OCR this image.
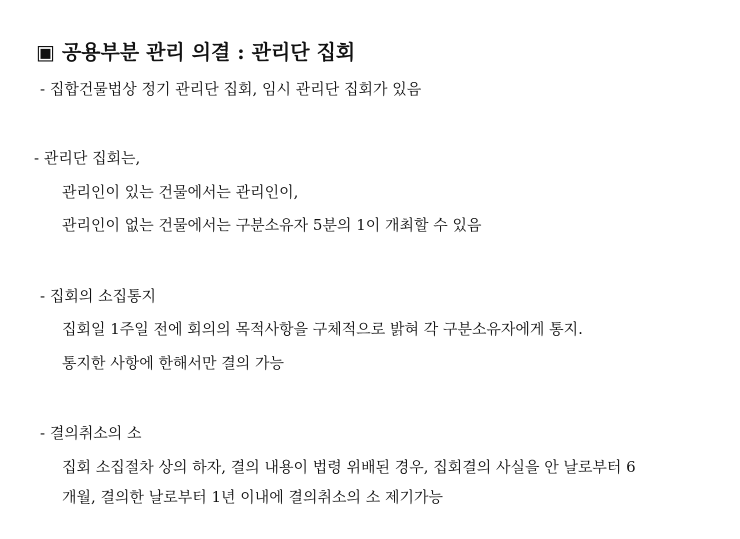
▣ 공용부분 관리 의결 : 관리단 집회
- 집합건물법상 정기 관리단 집회, 임시 관리단 집회가 있음
- 관리단 집회는,
관리인이 있는 건물에서는 관리인이,
관리인이 없는 건물에서는 구분소유자 5분의 1이 개최할 수 있음
- 집회의 소집통지
집회일 1주일 전에 회의의 목적사항을 구체적으로 밝혀 각 구분소유자에게 통지.
통지한 사항에 한해서만 결의 가능
- 결의취소의 소
집회 소집절차 상의 하자, 결의 내용이 법령 위배된 경우, 집회결의 사실을 안 날로부터 6
개월, 결의한 날로부터 1년 이내에 결의취소의 소 제기가능
